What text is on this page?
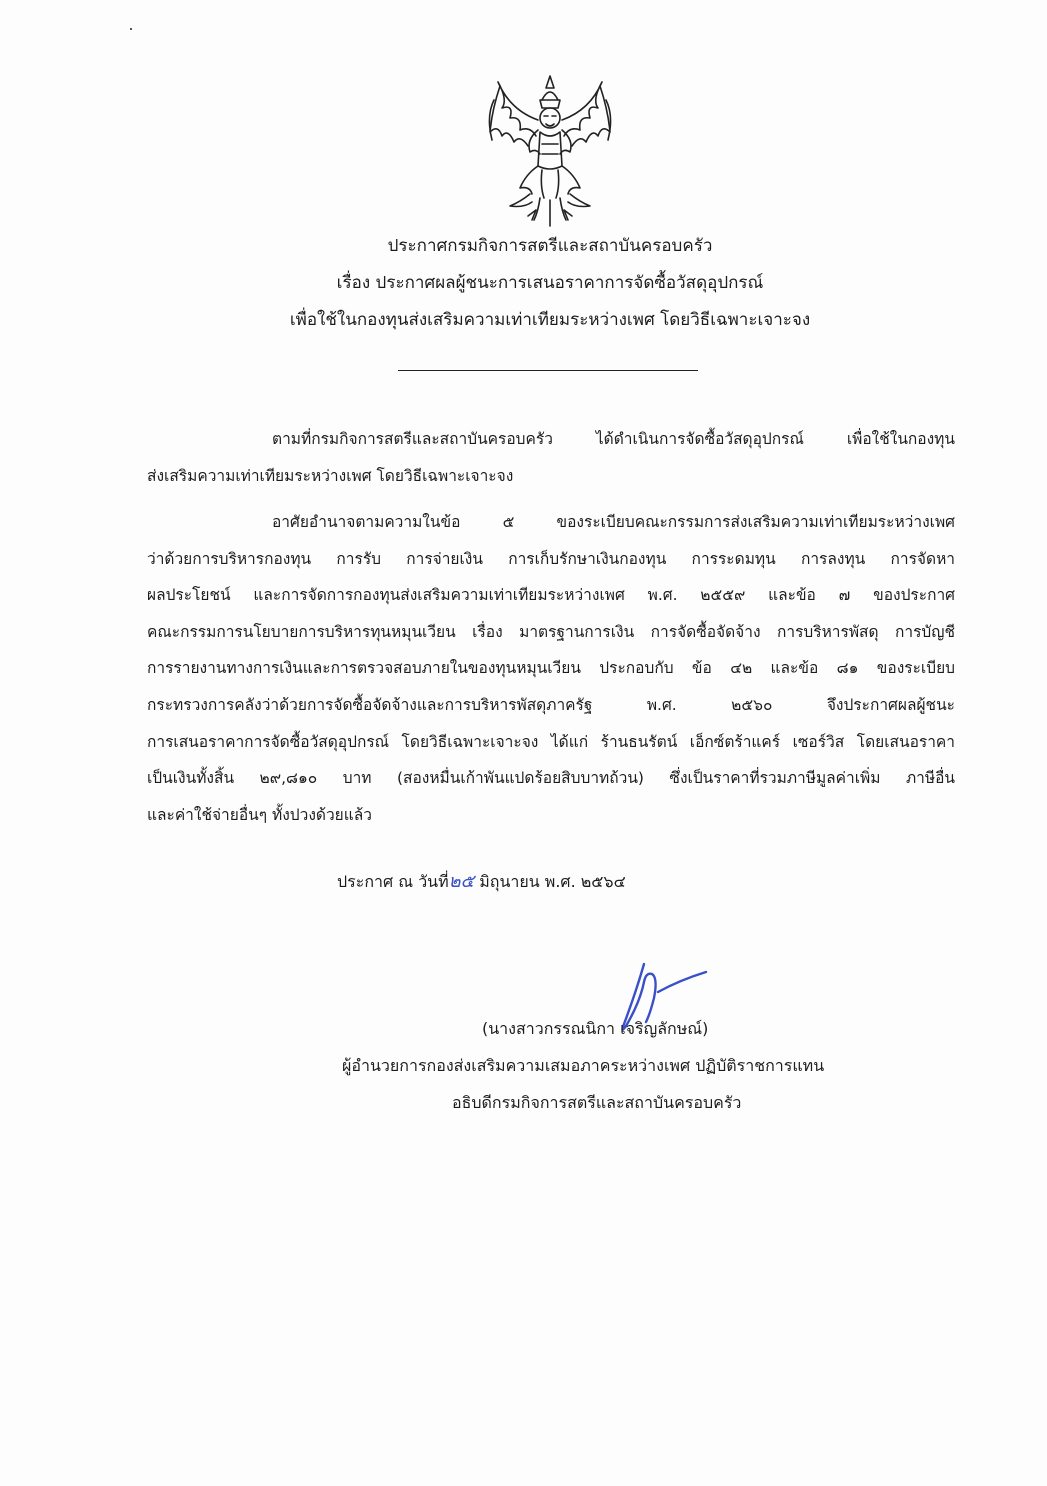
ประกาศกรมกิจการสตรีและสถาบันครอบครัว
เรื่อง ประกาศผลผู้ชนะการเสนอราคาการจัดซื้อวัสดุอุปกรณ์
เพื่อใช้ในกองทุนส่งเสริมความเท่าเทียมระหว่างเพศ โดยวิธีเฉพาะเจาะจง
ตามที่กรมกิจการสตรีและสถาบันครอบครัว ได้ดำเนินการจัดซื้อวัสดุอุปกรณ์ เพื่อใช้ในกองทุน
ส่งเสริมความเท่าเทียมระหว่างเพศ โดยวิธีเฉพาะเจาะจง
อาศัยอำนาจตามความในข้อ ๕ ของระเบียบคณะกรรมการส่งเสริมความเท่าเทียมระหว่างเพศ
ว่าด้วยการบริหารกองทุน การรับ การจ่ายเงิน การเก็บรักษาเงินกองทุน การระดมทุน การลงทุน การจัดหา
ผลประโยชน์ และการจัดการกองทุนส่งเสริมความเท่าเทียมระหว่างเพศ พ.ศ. ๒๕๕๙ และข้อ ๗ ของประกาศ
คณะกรรมการนโยบายการบริหารทุนหมุนเวียน เรื่อง มาตรฐานการเงิน การจัดซื้อจัดจ้าง การบริหารพัสดุ การบัญชี
การรายงานทางการเงินและการตรวจสอบภายในของทุนหมุนเวียน ประกอบกับ ข้อ ๔๒ และข้อ ๘๑ ของระเบียบ
กระทรวงการคลังว่าด้วยการจัดซื้อจัดจ้างและการบริหารพัสดุภาครัฐ พ.ศ. ๒๕๖๐ จึงประกาศผลผู้ชนะ
การเสนอราคาการจัดซื้อวัสดุอุปกรณ์ โดยวิธีเฉพาะเจาะจง ได้แก่ ร้านธนรัตน์ เอ็กซ์ตร้าแคร์ เซอร์วิส โดยเสนอราคา
เป็นเงินทั้งสิ้น ๒๙,๘๑๐ บาท (สองหมื่นเก้าพันแปดร้อยสิบบาทถ้วน) ซึ่งเป็นราคาที่รวมภาษีมูลค่าเพิ่ม ภาษีอื่น
และค่าใช้จ่ายอื่นๆ ทั้งปวงด้วยแล้ว
ประกาศ ณ วันที่๒๕ มิถุนายน พ.ศ. ๒๕๖๔
(นางสาวกรรณนิกา เจริญลักษณ์)
ผู้อำนวยการกองส่งเสริมความเสมอภาคระหว่างเพศ ปฏิบัติราชการแทน
อธิบดีกรมกิจการสตรีและสถาบันครอบครัว
